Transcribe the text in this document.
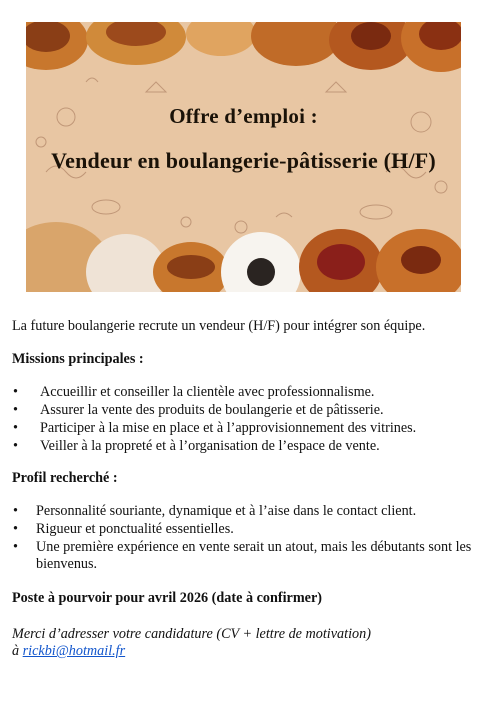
Offre d’emploi :
Vendeur en boulangerie-pâtisserie (H/F)

La future boulangerie recrute un vendeur (H/F) pour intégrer son équipe.

Missions principales :

• Accueillir et conseiller la clientèle avec professionnalisme.
• Assurer la vente des produits de boulangerie et de pâtisserie.
• Participer à la mise en place et à l’approvisionnement des vitrines.
• Veiller à la propreté et à l’organisation de l’espace de vente.

Profil recherché :

• Personnalité souriante, dynamique et à l’aise dans le contact client.
• Rigueur et ponctualité essentielles.
• Une première expérience en vente serait un atout, mais les débutants sont les bienvenus.

Poste à pourvoir pour avril 2026 (date à confirmer)

Merci d’adresser votre candidature (CV + lettre de motivation)
à rickbi@hotmail.fr
